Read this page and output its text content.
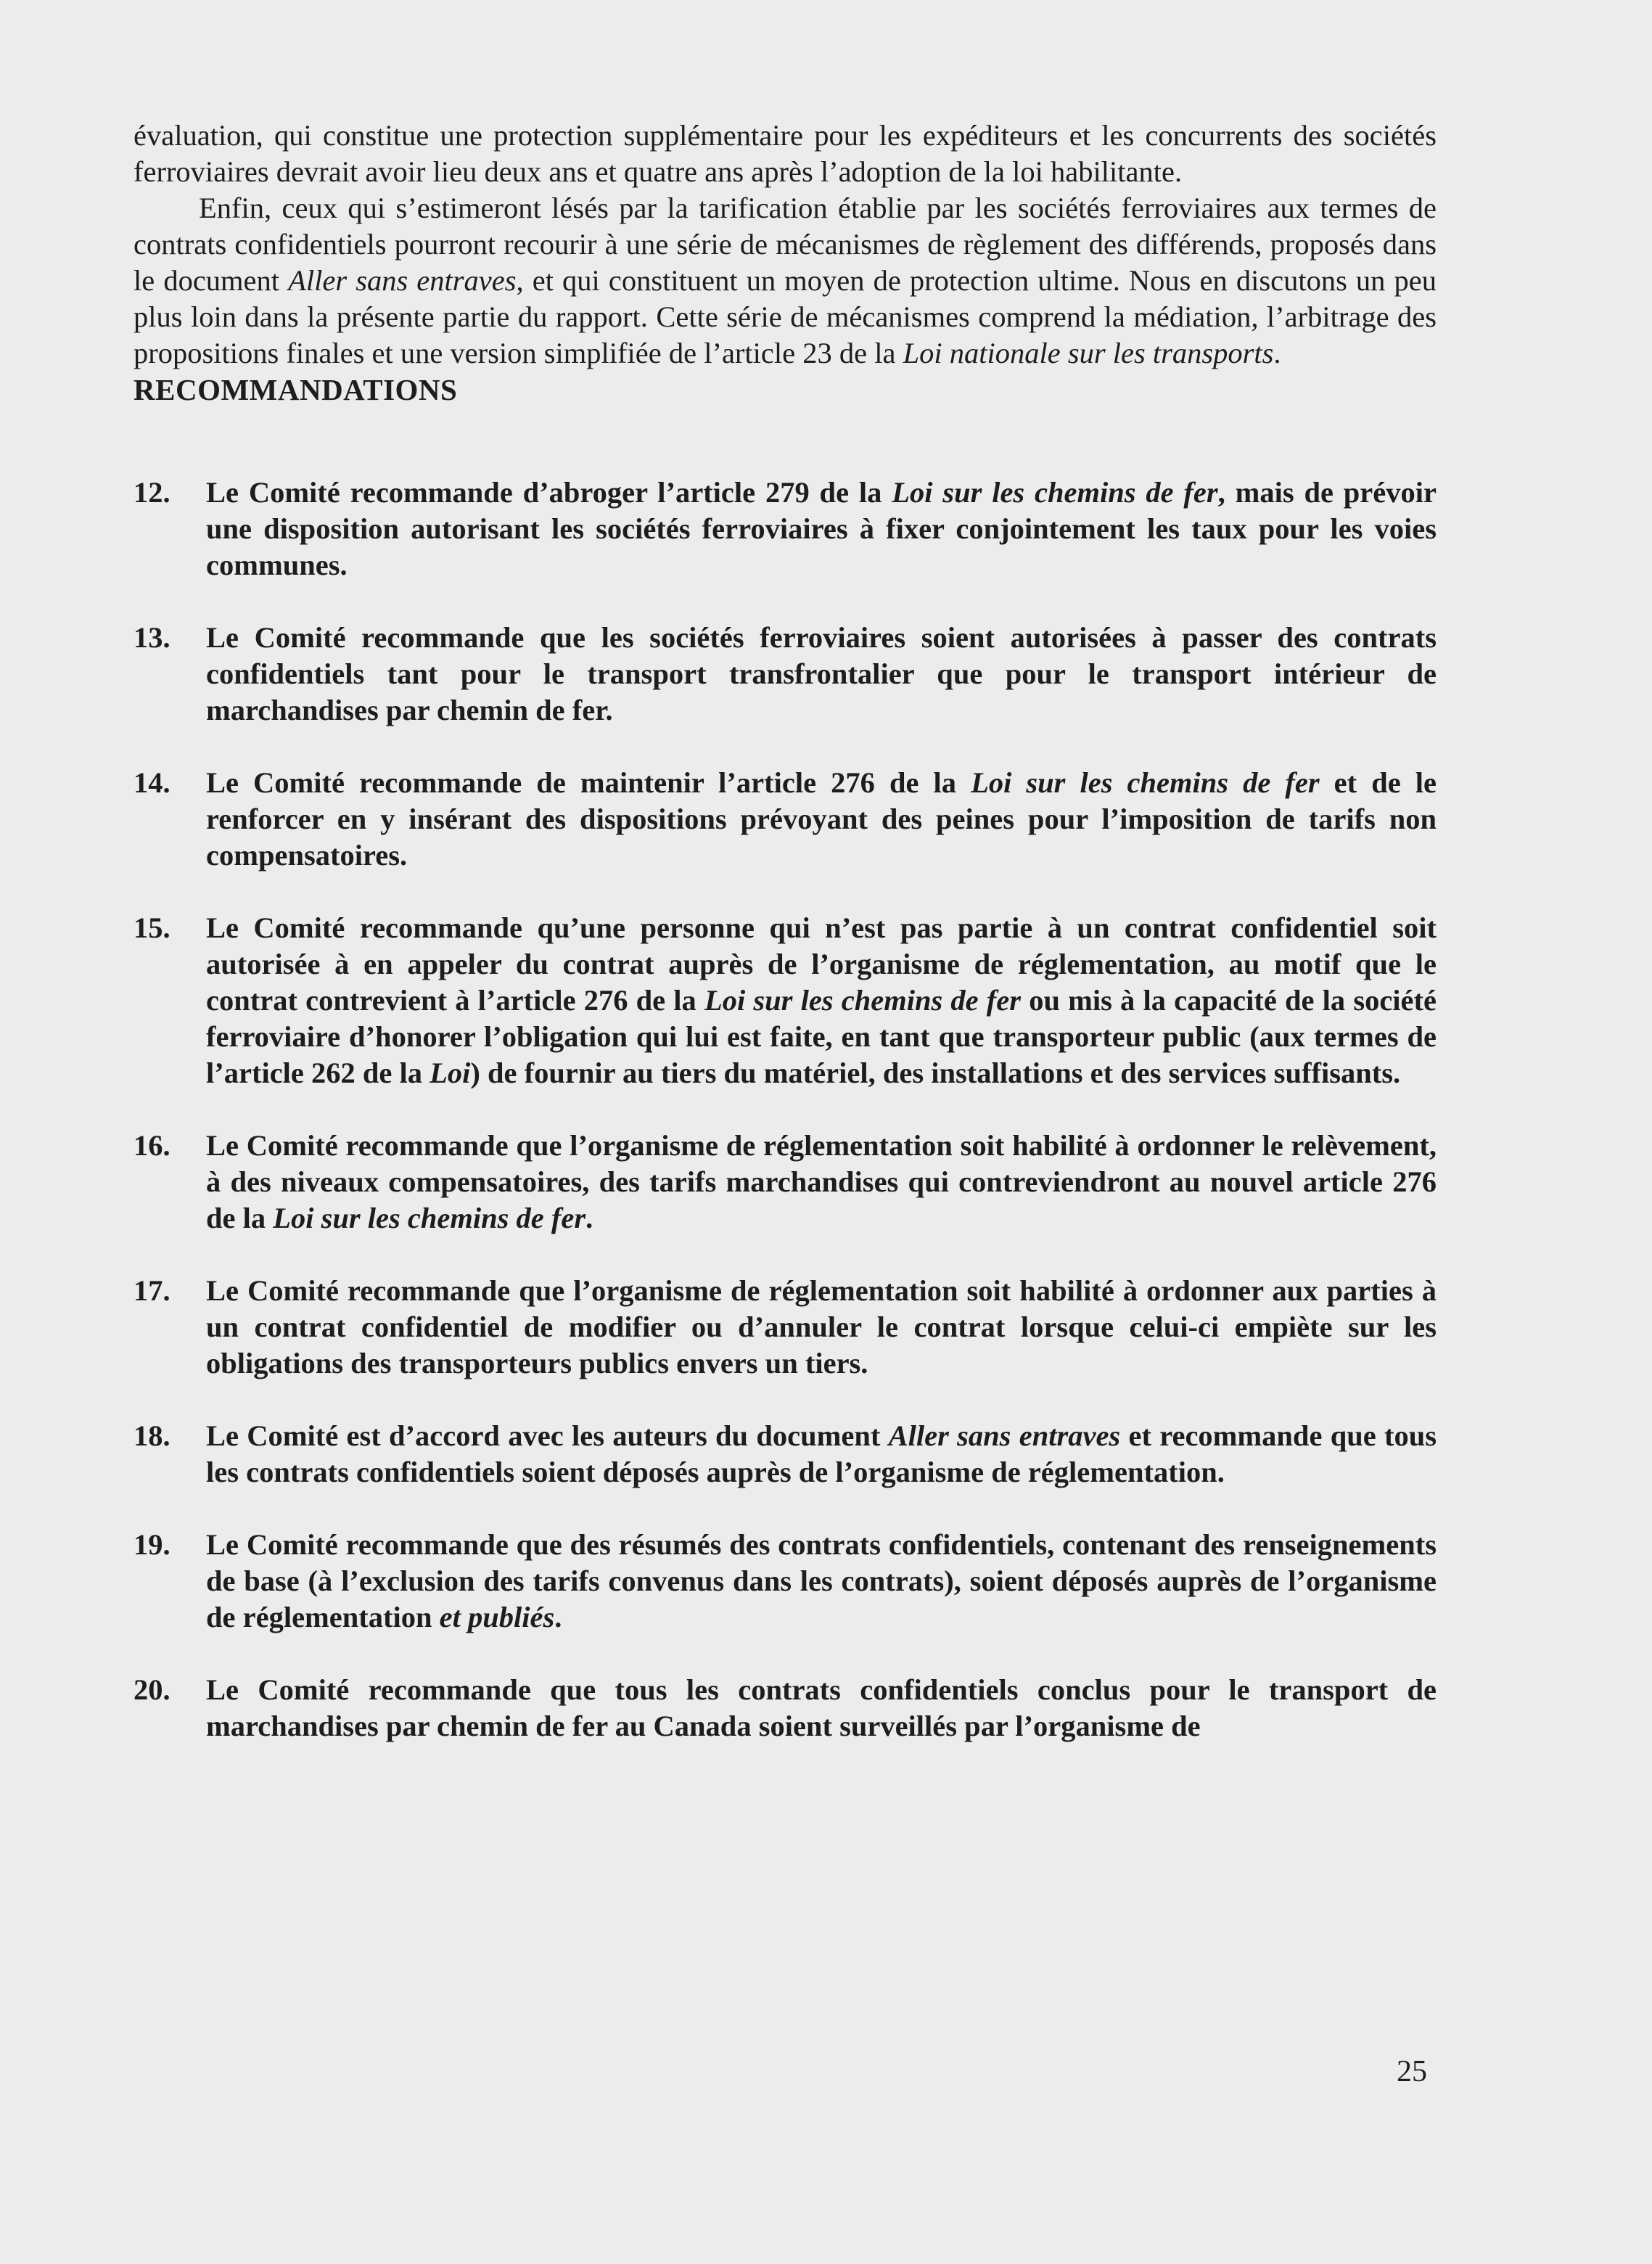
évaluation, qui constitue une protection supplémentaire pour les expéditeurs et les concurrents des sociétés ferroviaires devrait avoir lieu deux ans et quatre ans après l’adoption de la loi habilitante.

Enfin, ceux qui s’estimeront lésés par la tarification établie par les sociétés ferroviaires aux termes de contrats confidentiels pourront recourir à une série de mécanismes de règlement des différends, proposés dans le document Aller sans entraves, et qui constituent un moyen de protection ultime. Nous en discutons un peu plus loin dans la présente partie du rapport. Cette série de mécanismes comprend la médiation, l’arbitrage des propositions finales et une version simplifiée de l’article 23 de la Loi nationale sur les transports.

RECOMMANDATIONS
12.	Le Comité recommande d’abroger l’article 279 de la Loi sur les chemins de fer, mais de prévoir une disposition autorisant les sociétés ferroviaires à fixer conjointement les taux pour les voies communes.
13.	Le Comité recommande que les sociétés ferroviaires soient autorisées à passer des contrats confidentiels tant pour le transport transfrontalier que pour le transport intérieur de marchandises par chemin de fer.
14.	Le Comité recommande de maintenir l’article 276 de la Loi sur les chemins de fer et de le renforcer en y insérant des dispositions prévoyant des peines pour l’imposition de tarifs non compensatoires.
15.	Le Comité recommande qu’une personne qui n’est pas partie à un contrat confidentiel soit autorisée à en appeler du contrat auprès de l’organisme de réglementation, au motif que le contrat contrevient à l’article 276 de la Loi sur les chemins de fer ou mis à la capacité de la société ferroviaire d’honorer l’obligation qui lui est faite, en tant que transporteur public (aux termes de l’article 262 de la Loi) de fournir au tiers du matériel, des installations et des services suffisants.
16.	Le Comité recommande que l’organisme de réglementation soit habilité à ordonner le relèvement, à des niveaux compensatoires, des tarifs marchandises qui contreviendront au nouvel article 276 de la Loi sur les chemins de fer.
17.	Le Comité recommande que l’organisme de réglementation soit habilité à ordonner aux parties à un contrat confidentiel de modifier ou d’annuler le contrat lorsque celui-ci empiète sur les obligations des transporteurs publics envers un tiers.
18.	Le Comité est d’accord avec les auteurs du document Aller sans entraves et recommande que tous les contrats confidentiels soient déposés auprès de l’organisme de réglementation.
19.	Le Comité recommande que des résumés des contrats confidentiels, contenant des renseignements de base (à l’exclusion des tarifs convenus dans les contrats), soient déposés auprès de l’organisme de réglementation et publiés.
20.	Le Comité recommande que tous les contrats confidentiels conclus pour le transport de marchandises par chemin de fer au Canada soient surveillés par l’organisme de
25
